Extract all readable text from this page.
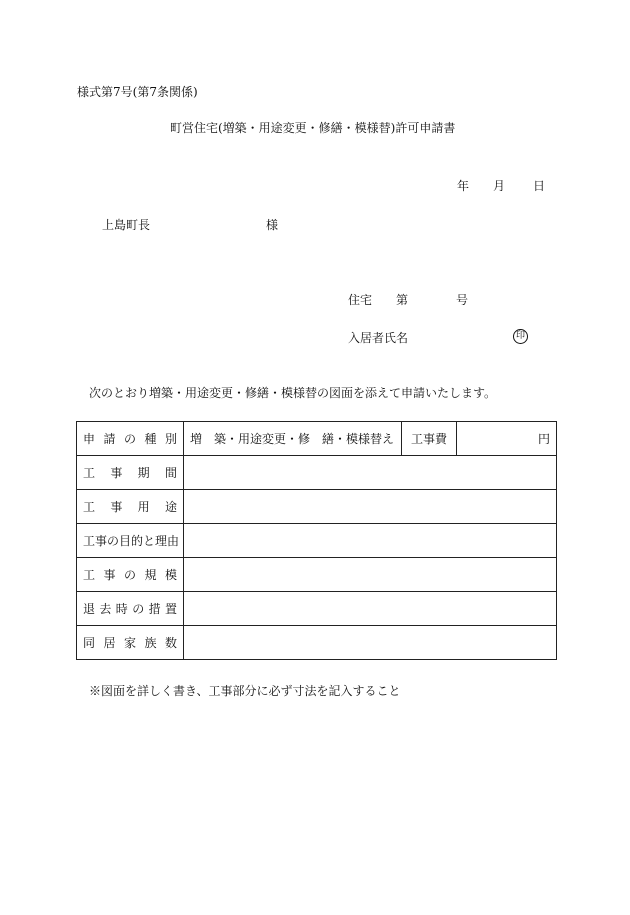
様式第7号(第7条関係)
町営住宅(増築・用途変更・修繕・模様替)許可申請書
年 月 日
上島町長	様
住宅 第	号
入居者氏名	印
次のとおり増築・用途変更・修繕・模様替の図面を添えて申請いたします。
申請の種別	増　築・用途変更・修　繕・模様替え	工事費	円
工事期間			
工事用途			
工事の目的と理由			
工事の規模			
退去時の措置			
同居家族数			
※図面を詳しく書き、工事部分に必ず寸法を記入すること
